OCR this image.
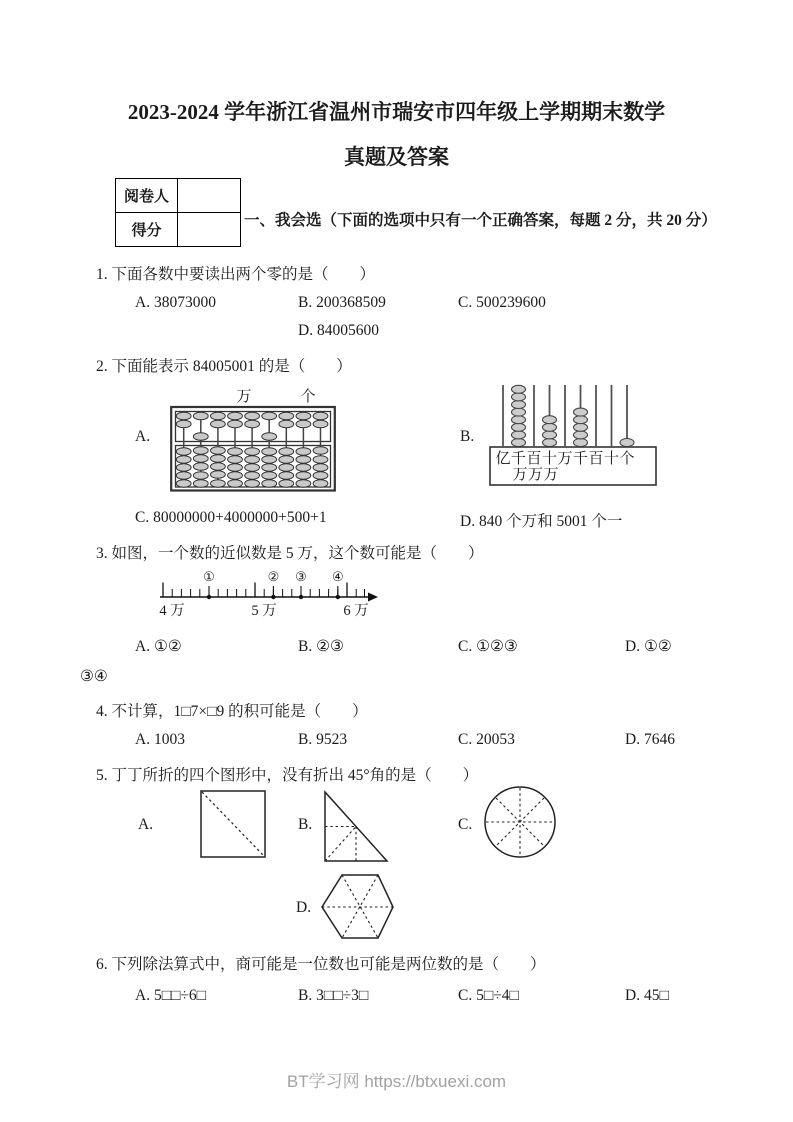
2023-2024 学年浙江省温州市瑞安市四年级上学期期末数学
真题及答案
阅卷人
得分
一、我会选（下面的选项中只有一个正确答案，每题 2 分，共 20 分）
1. 下面各数中要读出两个零的是（　　）
A. 38073000	B. 200368509	C. 500239600
D. 84005600
2. 下面能表示 84005001 的是（　　）
A.
万	个
B.
亿 千 百 十 万 千 百 十 个
万 万 万
C. 80000000+4000000+500+1	D. 840 个万和 5001 个一
3. 如图，一个数的近似数是 5 万，这个数可能是（　　）
4 万	5 万	6 万
①	② ③ ④
A. ①②	B. ②③	C. ①②③	D. ①②
③④
4. 不计算，1□7×□9 的积可能是（　　）
A. 1003	B. 9523	C. 20053	D. 7646
5. 丁丁所折的四个图形中，没有折出 45°角的是（　　）
A.	B.	C.
D.
6. 下列除法算式中，商可能是一位数也可能是两位数的是（　　）
A. 5□□÷6□	B. 3□□÷3□	C. 5□÷4□	D. 45□
BT学习网 https://btxuexi.com
